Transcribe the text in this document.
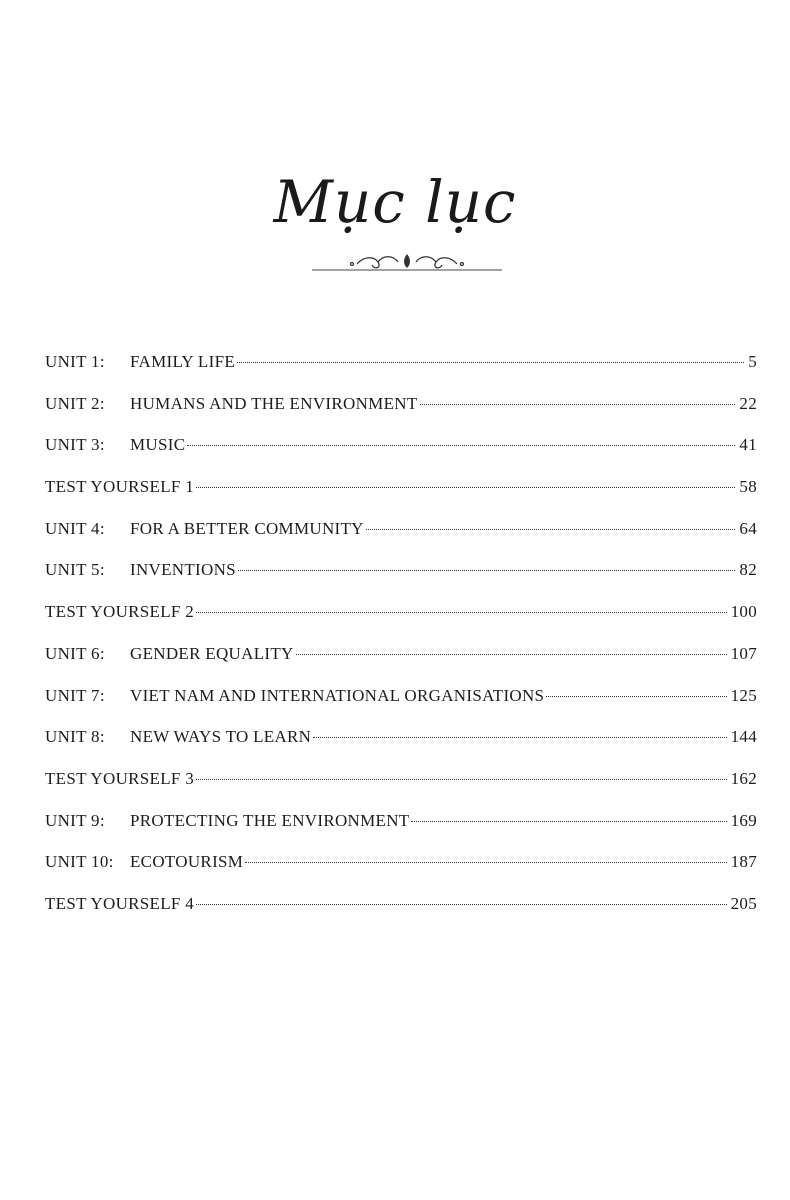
Mục lục
UNIT 1:	FAMILY LIFE	5
UNIT 2:	HUMANS AND THE ENVIRONMENT	22
UNIT 3:	MUSIC	41
TEST YOURSELF 1	58
UNIT 4:	FOR A BETTER COMMUNITY	64
UNIT 5:	INVENTIONS	82
TEST YOURSELF 2	100
UNIT 6:	GENDER EQUALITY	107
UNIT 7:	VIET NAM AND INTERNATIONAL ORGANISATIONS	125
UNIT 8:	NEW WAYS TO LEARN	144
TEST YOURSELF 3	162
UNIT 9:	PROTECTING THE ENVIRONMENT	169
UNIT 10: ECOTOURISM	187
TEST YOURSELF 4	205
